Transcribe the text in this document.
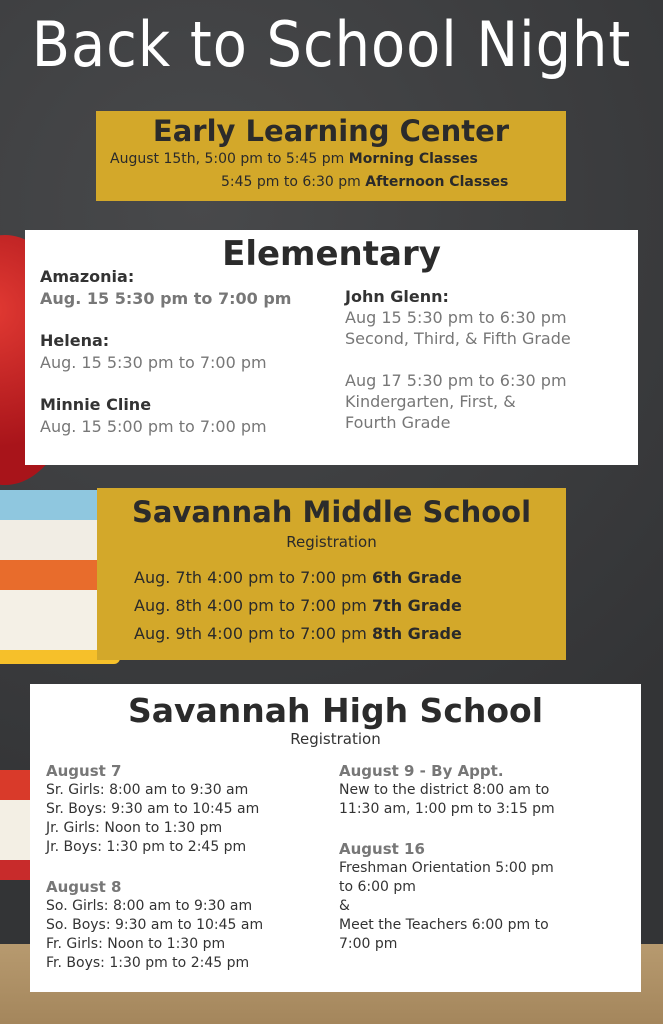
Back to School Night
Early Learning Center
August 15th, 5:00 pm to 5:45 pm Morning Classes
5:45 pm to 6:30 pm Afternoon Classes
Elementary
Amazonia:
Aug. 15 5:30 pm to 7:00 pm
Helena:
Aug. 15 5:30 pm to 7:00 pm
Minnie Cline
Aug. 15 5:00 pm to 7:00 pm
John Glenn:
Aug 15 5:30 pm to 6:30 pm
Second, Third, & Fifth Grade
Aug 17 5:30 pm to 6:30 pm
Kindergarten, First, &
Fourth Grade
Savannah Middle School
Registration
Aug. 7th 4:00 pm to 7:00 pm 6th Grade
Aug. 8th 4:00 pm to 7:00 pm 7th Grade
Aug. 9th 4:00 pm to 7:00 pm 8th Grade
Savannah High School
Registration
August 7
Sr. Girls: 8:00 am to 9:30 am
Sr. Boys: 9:30 am to 10:45 am
Jr. Girls: Noon to 1:30 pm
Jr. Boys: 1:30 pm to 2:45 pm
August 8
So. Girls: 8:00 am to 9:30 am
So. Boys: 9:30 am to 10:45 am
Fr. Girls: Noon to 1:30 pm
Fr. Boys: 1:30 pm to 2:45 pm
August 9 - By Appt.
New to the district 8:00 am to
11:30 am, 1:00 pm to 3:15 pm
August 16
Freshman Orientation 5:00 pm
to 6:00 pm
&
Meet the Teachers 6:00 pm to
7:00 pm
